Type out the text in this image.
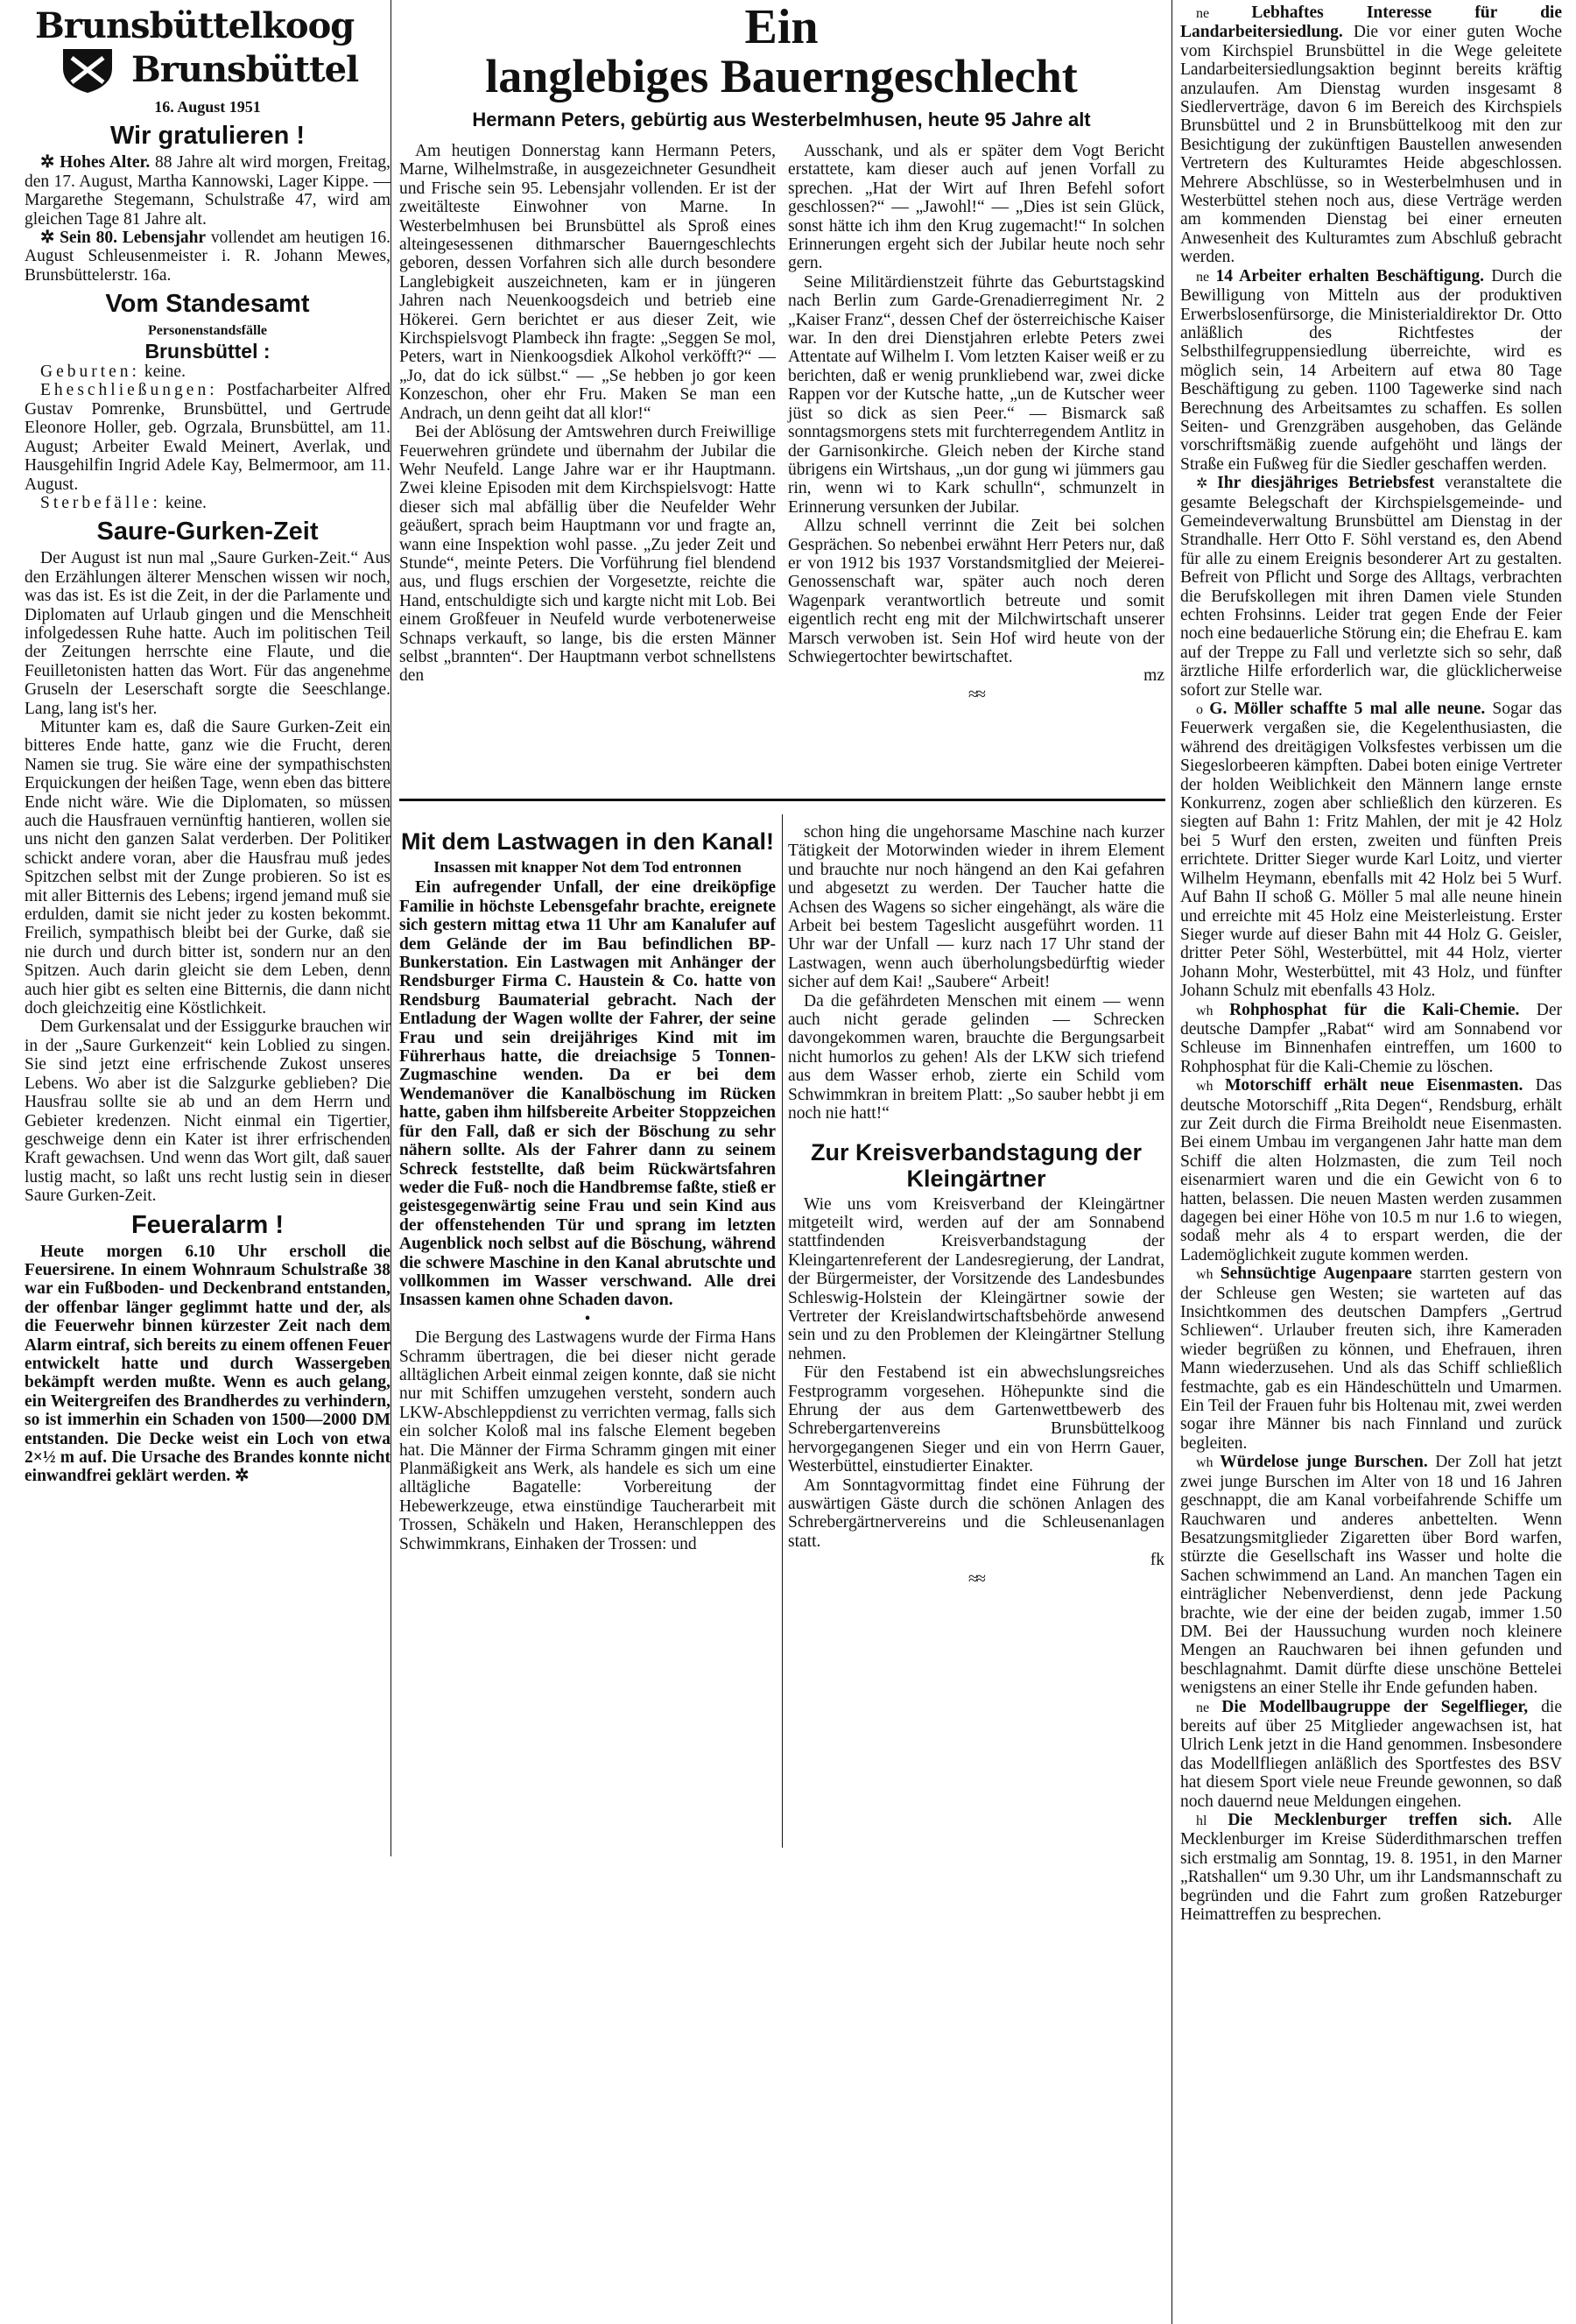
Brunsbüttelkoog
Brunsbüttel
16. August 1951
Wir gratulieren !

✲ Hohes Alter. 88 Jahre alt wird morgen, Freitag, den 17. August, Martha Kannowski, Lager Kippe. — Margarethe Stegemann, Schulstraße 47, wird am gleichen Tage 81 Jahre alt.

✲ Sein 80. Lebensjahr vollendet am heutigen 16. August Schleusenmeister i. R. Johann Mewes, Brunsbüttelerstr. 16a.

Vom Standesamt
Personenstandsfälle
Brunsbüttel :

Geburten: keine.

Eheschließungen: Postfacharbeiter Alfred Gustav Pomrenke, Brunsbüttel, und Gertrude Eleonore Holler, geb. Ogrzala, Brunsbüttel, am 11. August; Arbeiter Ewald Meinert, Averlak, und Hausgehilfin Ingrid Adele Kay, Belmermoor, am 11. August.

Sterbefälle: keine.

Saure-Gurken-Zeit

Der August ist nun mal „Saure Gurken-Zeit.“ Aus den Erzählungen älterer Menschen wissen wir noch, was das ist. Es ist die Zeit, in der die Parlamente und Diplomaten auf Urlaub gingen und die Menschheit infolgedessen Ruhe hatte. Auch im politischen Teil der Zeitungen herrschte eine Flaute, und die Feuilletonisten hatten das Wort. Für das angenehme Gruseln der Leserschaft sorgte die Seeschlange. Lang, lang ist's her.

Mitunter kam es, daß die Saure Gurken-Zeit ein bitteres Ende hatte, ganz wie die Frucht, deren Namen sie trug. Sie wäre eine der sympathischsten Erquickungen der heißen Tage, wenn eben das bittere Ende nicht wäre. Wie die Diplomaten, so müssen auch die Hausfrauen vernünftig hantieren, wollen sie uns nicht den ganzen Salat verderben. Der Politiker schickt andere voran, aber die Hausfrau muß jedes Spitzchen selbst mit der Zunge probieren. So ist es mit aller Bitternis des Lebens; irgend jemand muß sie erdulden, damit sie nicht jeder zu kosten bekommt. Freilich, sympathisch bleibt bei der Gurke, daß sie nie durch und durch bitter ist, sondern nur an den Spitzen. Auch darin gleicht sie dem Leben, denn auch hier gibt es selten eine Bitternis, die dann nicht doch gleichzeitig eine Köstlichkeit.

Dem Gurkensalat und der Essiggurke brauchen wir in der „Saure Gurkenzeit“ kein Loblied zu singen. Sie sind jetzt eine erfrischende Zukost unseres Lebens. Wo aber ist die Salzgurke geblieben? Die Hausfrau sollte sie ab und an dem Herrn und Gebieter kredenzen. Nicht einmal ein Tigertier, geschweige denn ein Kater ist ihrer erfrischenden Kraft gewachsen. Und wenn das Wort gilt, daß sauer lustig macht, so laßt uns recht lustig sein in dieser Saure Gurken-Zeit.

Feueralarm !

Heute morgen 6.10 Uhr erscholl die Feuersirene. In einem Wohnraum Schulstraße 38 war ein Fußboden- und Deckenbrand entstanden, der offenbar länger geglimmt hatte und der, als die Feuerwehr binnen kürzester Zeit nach dem Alarm eintraf, sich bereits zu einem offenen Feuer entwickelt hatte und durch Wassergeben bekämpft werden mußte. Wenn es auch gelang, ein Weitergreifen des Brandherdes zu verhindern, so ist immerhin ein Schaden von 1500—2000 DM entstanden. Die Decke weist ein Loch von etwa 2×½ m auf. Die Ursache des Brandes konnte nicht einwandfrei geklärt werden. ✲

Ein
langlebiges Bauerngeschlecht
Hermann Peters, gebürtig aus Westerbelmhusen, heute 95 Jahre alt

Am heutigen Donnerstag kann Hermann Peters, Marne, Wilhelmstraße, in ausgezeichneter Gesundheit und Frische sein 95. Lebensjahr vollenden. Er ist der zweitälteste Einwohner von Marne. In Westerbelmhusen bei Brunsbüttel als Sproß eines alteingesessenen dithmarscher Bauerngeschlechts geboren, dessen Vorfahren sich alle durch besondere Langlebigkeit auszeichneten, kam er in jüngeren Jahren nach Neuenkoogsdeich und betrieb eine Hökerei. Gern berichtet er aus dieser Zeit, wie Kirchspielsvogt Plambeck ihn fragte: „Seggen Se mol, Peters, wart in Nienkoogsdiek Alkohol verköfft?“ — „Jo, dat do ick sülbst.“ — „Se hebben jo gor keen Konzeschon, oher ehr Fru. Maken Se man een Andrach, un denn geiht dat all klor!“

Bei der Ablösung der Amtswehren durch Freiwillige Feuerwehren gründete und übernahm der Jubilar die Wehr Neufeld. Lange Jahre war er ihr Hauptmann. Zwei kleine Episoden mit dem Kirchspielsvogt: Hatte dieser sich mal abfällig über die Neufelder Wehr geäußert, sprach beim Hauptmann vor und fragte an, wann eine Inspektion wohl passe. „Zu jeder Zeit und Stunde“, meinte Peters. Die Vorführung fiel blendend aus, und flugs erschien der Vorgesetzte, reichte die Hand, entschuldigte sich und kargte nicht mit Lob. Bei einem Großfeuer in Neufeld wurde verbotenerweise Schnaps verkauft, so lange, bis die ersten Männer selbst „brannten“. Der Hauptmann verbot schnellstens den

Ausschank, und als er später dem Vogt Bericht erstattete, kam dieser auch auf jenen Vorfall zu sprechen. „Hat der Wirt auf Ihren Befehl sofort geschlossen?“ — „Jawohl!“ — „Dies ist sein Glück, sonst hätte ich ihm den Krug zugemacht!“ In solchen Erinnerungen ergeht sich der Jubilar heute noch sehr gern.

Seine Militärdienstzeit führte das Geburtstagskind nach Berlin zum Garde-Grenadierregiment Nr. 2 „Kaiser Franz“, dessen Chef der österreichische Kaiser war. In den drei Dienstjahren erlebte Peters zwei Attentate auf Wilhelm I. Vom letzten Kaiser weiß er zu berichten, daß er wenig prunkliebend war, zwei dicke Rappen vor der Kutsche hatte, „un de Kutscher weer jüst so dick as sien Peer.“ — Bismarck saß sonntagsmorgens stets mit furchterregendem Antlitz in der Garnisonkirche. Gleich neben der Kirche stand übrigens ein Wirtshaus, „un dor gung wi jümmers gau rin, wenn wi to Kark schulln“, schmunzelt in Erinnerung versunken der Jubilar.

Allzu schnell verrinnt die Zeit bei solchen Gesprächen. So nebenbei erwähnt Herr Peters nur, daß er von 1912 bis 1937 Vorstandsmitglied der Meierei-Genossenschaft war, später auch noch deren Wagenpark verantwortlich betreute und somit eigentlich recht eng mit der Milchwirtschaft unserer Marsch verwoben ist. Sein Hof wird heute von der Schwiegertochter bewirtschaftet.

mz
≈≈
Mit dem Lastwagen in den Kanal!
Insassen mit knapper Not dem Tod entronnen

Ein aufregender Unfall, der eine dreiköpfige Familie in höchste Lebensgefahr brachte, ereignete sich gestern mittag etwa 11 Uhr am Kanalufer auf dem Gelände der im Bau befindlichen BP-Bunkerstation. Ein Lastwagen mit Anhänger der Rendsburger Firma C. Haustein & Co. hatte von Rendsburg Baumaterial gebracht. Nach der Entladung der Wagen wollte der Fahrer, der seine Frau und sein dreijähriges Kind mit im Führerhaus hatte, die dreiachsige 5 Tonnen-Zugmaschine wenden. Da er bei dem Wendemanöver die Kanalböschung im Rücken hatte, gaben ihm hilfsbereite Arbeiter Stoppzeichen für den Fall, daß er sich der Böschung zu sehr nähern sollte. Als der Fahrer dann zu seinem Schreck feststellte, daß beim Rückwärtsfahren weder die Fuß- noch die Handbremse faßte, stieß er geistesgegenwärtig seine Frau und sein Kind aus der offenstehenden Tür und sprang im letzten Augenblick noch selbst auf die Böschung, während die schwere Maschine in den Kanal abrutschte und vollkommen im Wasser verschwand. Alle drei Insassen kamen ohne Schaden davon.

•

Die Bergung des Lastwagens wurde der Firma Hans Schramm übertragen, die bei dieser nicht gerade alltäglichen Arbeit einmal zeigen konnte, daß sie nicht nur mit Schiffen umzugehen versteht, sondern auch LKW-Abschleppdienst zu verrichten vermag, falls sich ein solcher Koloß mal ins falsche Element begeben hat. Die Männer der Firma Schramm gingen mit einer Planmäßigkeit ans Werk, als handele es sich um eine alltägliche Bagatelle: Vorbereitung der Hebewerkzeuge, etwa einstündige Taucherarbeit mit Trossen, Schäkeln und Haken, Heranschleppen des Schwimmkrans, Einhaken der Trossen: und

schon hing die ungehorsame Maschine nach kurzer Tätigkeit der Motorwinden wieder in ihrem Element und brauchte nur noch hängend an den Kai gefahren und abgesetzt zu werden. Der Taucher hatte die Achsen des Wagens so sicher eingehängt, als wäre die Arbeit bei bestem Tageslicht ausgeführt worden. 11 Uhr war der Unfall — kurz nach 17 Uhr stand der Lastwagen, wenn auch überholungsbedürftig wieder sicher auf dem Kai! „Saubere“ Arbeit!

Da die gefährdeten Menschen mit einem — wenn auch nicht gerade gelinden — Schrecken davongekommen waren, brauchte die Bergungsarbeit nicht humorlos zu gehen! Als der LKW sich triefend aus dem Wasser erhob, zierte ein Schild vom Schwimmkran in breitem Platt: „So sauber hebbt ji em noch nie hatt!“

Zur Kreisverbandstagung der Kleingärtner

Wie uns vom Kreisverband der Kleingärtner mitgeteilt wird, werden auf der am Sonnabend stattfindenden Kreisverbandstagung der Kleingartenreferent der Landesregierung, der Landrat, der Bürgermeister, der Vorsitzende des Landesbundes Schleswig-Holstein der Kleingärtner sowie der Vertreter der Kreislandwirtschaftsbehörde anwesend sein und zu den Problemen der Kleingärtner Stellung nehmen.

Für den Festabend ist ein abwechslungsreiches Festprogramm vorgesehen. Höhepunkte sind die Ehrung der aus dem Gartenwettbewerb des Schrebergartenvereins Brunsbüttelkoog hervorgegangenen Sieger und ein von Herrn Gauer, Westerbüttel, einstudierter Einakter.

Am Sonntagvormittag findet eine Führung der auswärtigen Gäste durch die schönen Anlagen des Schrebergärtnervereins und die Schleusenanlagen statt.

fk
≈≈

ne Lebhaftes Interesse für die Landarbeitersiedlung. Die vor einer guten Woche vom Kirchspiel Brunsbüttel in die Wege geleitete Landarbeitersiedlungsaktion beginnt bereits kräftig anzulaufen. Am Dienstag wurden insgesamt 8 Siedlerverträge, davon 6 im Bereich des Kirchspiels Brunsbüttel und 2 in Brunsbüttelkoog mit den zur Besichtigung der zukünftigen Baustellen anwesenden Vertretern des Kulturamtes Heide abgeschlossen. Mehrere Abschlüsse, so in Westerbelmhusen und in Westerbüttel stehen noch aus, diese Verträge werden am kommenden Dienstag bei einer erneuten Anwesenheit des Kulturamtes zum Abschluß gebracht werden.

ne 14 Arbeiter erhalten Beschäftigung. Durch die Bewilligung von Mitteln aus der produktiven Erwerbslosenfürsorge, die Ministerialdirektor Dr. Otto anläßlich des Richtfestes der Selbsthilfegruppensiedlung überreichte, wird es möglich sein, 14 Arbeitern auf etwa 80 Tage Beschäftigung zu geben. 1100 Tagewerke sind nach Berechnung des Arbeitsamtes zu schaffen. Es sollen Seiten- und Grenzgräben ausgehoben, das Gelände vorschriftsmäßig zuende aufgehöht und längs der Straße ein Fußweg für die Siedler geschaffen werden.

✲ Ihr diesjähriges Betriebsfest veranstaltete die gesamte Belegschaft der Kirchspielsgemeinde- und Gemeindeverwaltung Brunsbüttel am Dienstag in der Strandhalle. Herr Otto F. Söhl verstand es, den Abend für alle zu einem Ereignis besonderer Art zu gestalten. Befreit von Pflicht und Sorge des Alltags, verbrachten die Berufskollegen mit ihren Damen viele Stunden echten Frohsinns. Leider trat gegen Ende der Feier noch eine bedauerliche Störung ein; die Ehefrau E. kam auf der Treppe zu Fall und verletzte sich so sehr, daß ärztliche Hilfe erforderlich war, die glücklicherweise sofort zur Stelle war.

o G. Möller schaffte 5 mal alle neune. Sogar das Feuerwerk vergaßen sie, die Kegelenthusiasten, die während des dreitägigen Volksfestes verbissen um die Siegeslorbeeren kämpften. Dabei boten einige Vertreter der holden Weiblichkeit den Männern lange ernste Konkurrenz, zogen aber schließlich den kürzeren. Es siegten auf Bahn 1: Fritz Mahlen, der mit je 42 Holz bei 5 Wurf den ersten, zweiten und fünften Preis errichtete. Dritter Sieger wurde Karl Loitz, und vierter Wilhelm Heymann, ebenfalls mit 42 Holz bei 5 Wurf. Auf Bahn II schoß G. Möller 5 mal alle neune hinein und erreichte mit 45 Holz eine Meisterleistung. Erster Sieger wurde auf dieser Bahn mit 44 Holz G. Geisler, dritter Peter Söhl, Westerbüttel, mit 44 Holz, vierter Johann Mohr, Westerbüttel, mit 43 Holz, und fünfter Johann Schulz mit ebenfalls 43 Holz.

wh Rohphosphat für die Kali-Chemie. Der deutsche Dampfer „Rabat“ wird am Sonnabend vor Schleuse im Binnenhafen eintreffen, um 1600 to Rohphosphat für die Kali-Chemie zu löschen.

wh Motorschiff erhält neue Eisenmasten. Das deutsche Motorschiff „Rita Degen“, Rendsburg, erhält zur Zeit durch die Firma Breiholdt neue Eisenmasten. Bei einem Umbau im vergangenen Jahr hatte man dem Schiff die alten Holzmasten, die zum Teil noch eisenarmiert waren und die ein Gewicht von 6 to hatten, belassen. Die neuen Masten werden zusammen dagegen bei einer Höhe von 10.5 m nur 1.6 to wiegen, sodaß mehr als 4 to erspart werden, die der Lademöglichkeit zugute kommen werden.

wh Sehnsüchtige Augenpaare starrten gestern von der Schleuse gen Westen; sie warteten auf das Insichtkommen des deutschen Dampfers „Gertrud Schliewen“. Urlauber freuten sich, ihre Kameraden wieder begrüßen zu können, und Ehefrauen, ihren Mann wiederzusehen. Und als das Schiff schließlich festmachte, gab es ein Händeschütteln und Umarmen. Ein Teil der Frauen fuhr bis Holtenau mit, zwei werden sogar ihre Männer bis nach Finnland und zurück begleiten.

wh Würdelose junge Burschen. Der Zoll hat jetzt zwei junge Burschen im Alter von 18 und 16 Jahren geschnappt, die am Kanal vorbeifahrende Schiffe um Rauchwaren und anderes anbettelten. Wenn Besatzungsmitglieder Zigaretten über Bord warfen, stürzte die Gesellschaft ins Wasser und holte die Sachen schwimmend an Land. An manchen Tagen ein einträglicher Nebenverdienst, denn jede Packung brachte, wie der eine der beiden zugab, immer 1.50 DM. Bei der Haussuchung wurden noch kleinere Mengen an Rauchwaren bei ihnen gefunden und beschlagnahmt. Damit dürfte diese unschöne Bettelei wenigstens an einer Stelle ihr Ende gefunden haben.

ne Die Modellbaugruppe der Segelflieger, die bereits auf über 25 Mitglieder angewachsen ist, hat Ulrich Lenk jetzt in die Hand genommen. Insbesondere das Modellfliegen anläßlich des Sportfestes des BSV hat diesem Sport viele neue Freunde gewonnen, so daß noch dauernd neue Meldungen eingehen.

hl Die Mecklenburger treffen sich. Alle Mecklenburger im Kreise Süderdithmarschen treffen sich erstmalig am Sonntag, 19. 8. 1951, in den Marner „Ratshallen“ um 9.30 Uhr, um ihr Landsmannschaft zu begründen und die Fahrt zum großen Ratzeburger Heimattreffen zu besprechen.
